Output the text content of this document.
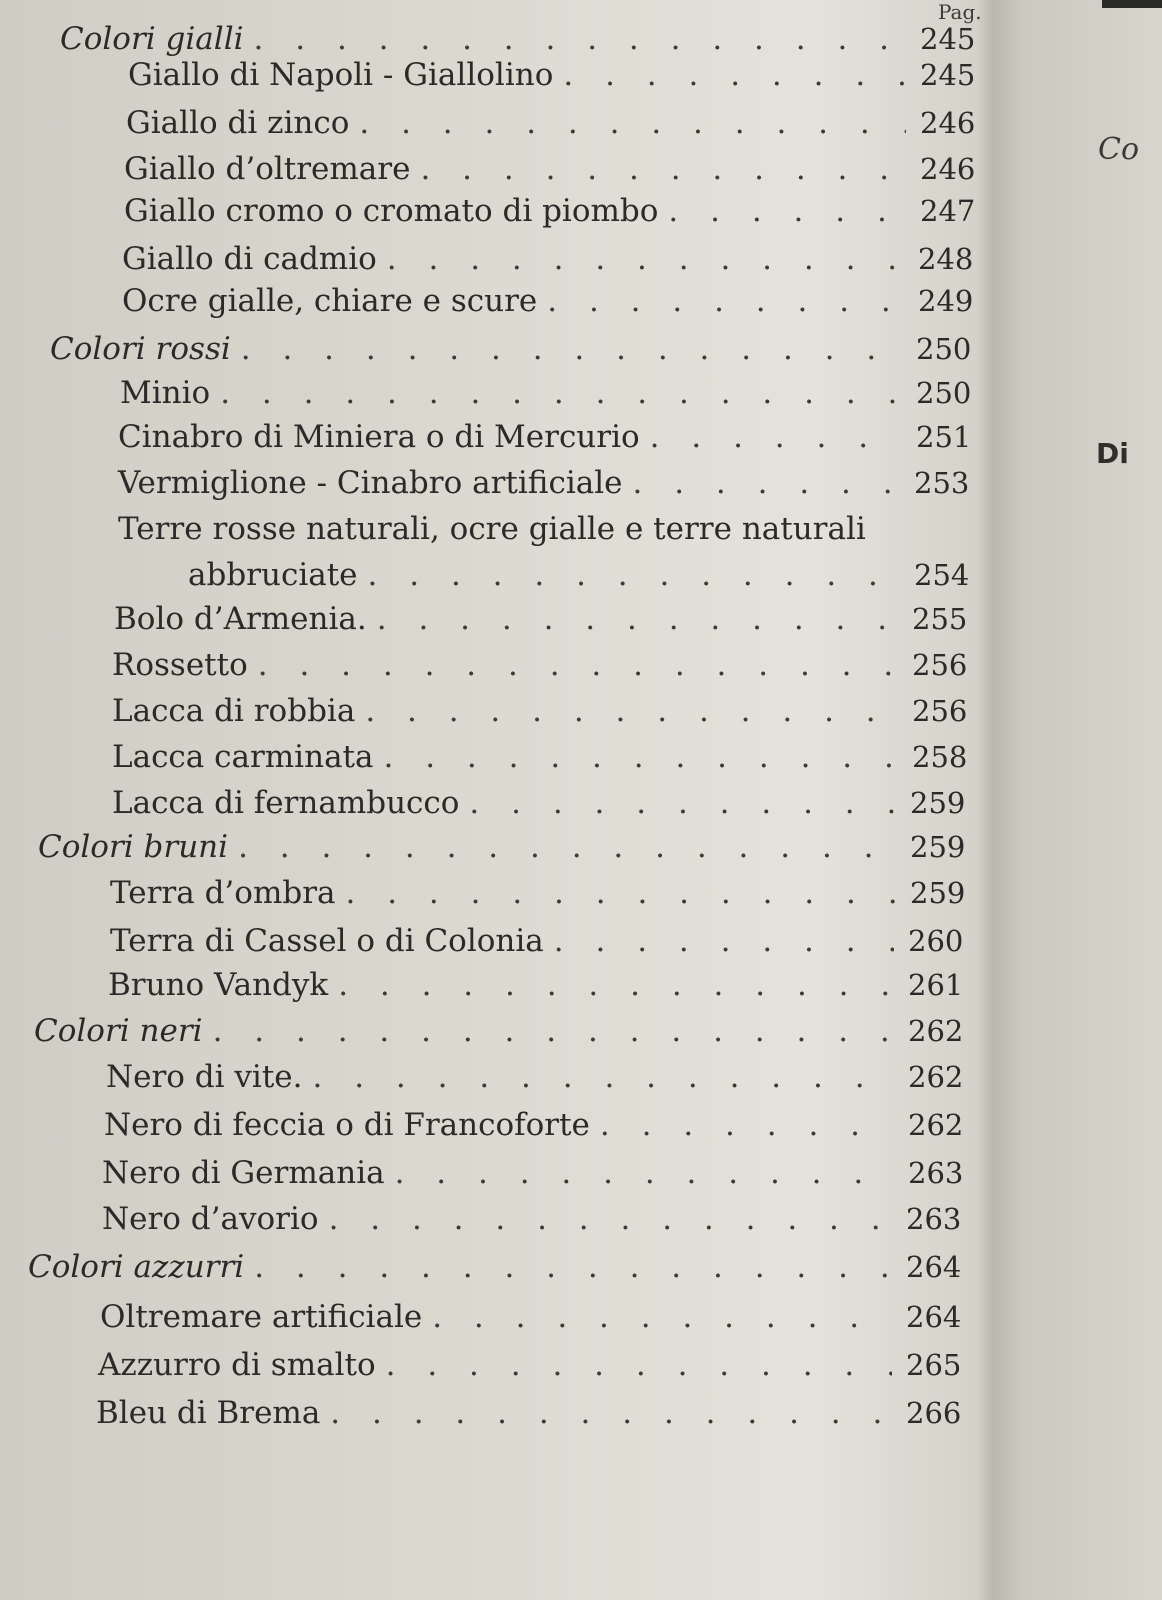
Pag.
Colori gialli . . .	245
Giallo di Napoli - Giallolino . . .	245
Giallo di zinco . . .	246
Giallo d’oltremare . . .	246
Giallo cromo o cromato di piombo . . .	247
Giallo di cadmio . . .	248
Ocre gialle, chiare e scure . . .	249
Colori rossi . . .	250
Minio . . .	250
Cinabro di Miniera o di Mercurio . . .	251
Vermiglione - Cinabro artificiale . . .	253
Terre rosse naturali, ocre gialle e terre naturali
abbruciate . . .	254
Bolo d’Armenia. . . .	255
Rossetto . . .	256
Lacca di robbia . . .	256
Lacca carminata . . .	258
Lacca di fernambucco . . .	259
Colori bruni . . .	259
Terra d’ombra . . .	259
Terra di Cassel o di Colonia . . .	260
Bruno Vandyk . . .	261
Colori neri . . .	262
Nero di vite. . . .	262
Nero di feccia o di Francoforte . . .	262
Nero di Germania . . .	263
Nero d’avorio . . .	263
Colori azzurri . . .	264
Oltremare artificiale . . .	264
Azzurro di smalto . . .	265
Bleu di Brema . . .	266
Co
Di
